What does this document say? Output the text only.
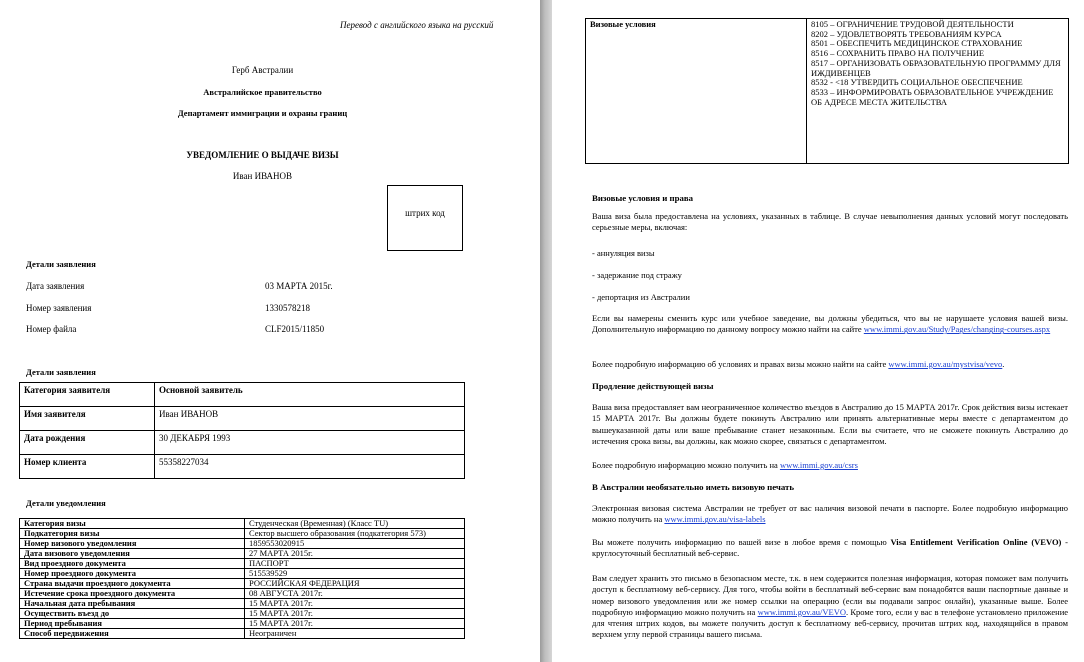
Перевод с английского языка на русский
Герб Австралии
Австралийское правительство
Департамент иммиграции и охраны границ
УВЕДОМЛЕНИЕ О ВЫДАЧЕ ВИЗЫ
Иван ИВАНОВ
штрих код
Детали заявления
Дата заявления	03 МАРТА 2015г.
Номер заявления	1330578218
Номер файла	CLF2015/11850
Детали заявления
Категория заявителя	Основной заявитель
Имя заявителя	Иван ИВАНОВ
Дата рождения	30 ДЕКАБРЯ 1993
Номер клиента	55358227034
Детали уведомления
Категория визы	Студенческая (Временная) (Класс TU)
Подкатегория визы	Сектор высшего образования (подкатегория 573)
Номер визового уведомления	1859553020915
Дата визового уведомления	27 МАРТА 2015г.
Вид проездного документа	ПАСПОРТ
Номер проездного документа	515539529
Страна выдачи проездного документа	РОССИЙСКАЯ ФЕДЕРАЦИЯ
Истечение срока проездного документа	08 АВГУСТА 2017г.
Начальная дата пребывания	15 МАРТА 2017г.
Осуществить въезд до	15 МАРТА 2017г.
Период пребывания	15 МАРТА 2017г.
Способ передвижения	Неограничен
Визовые условия	8105 – ОГРАНИЧЕНИЕ ТРУДОВОЙ ДЕЯТЕЛЬНОСТИ
8202 – УДОВЛЕТВОРЯТЬ ТРЕБОВАНИЯМ КУРСА
8501 – ОБЕСПЕЧИТЬ МЕДИЦИНСКОЕ СТРАХОВАНИЕ
8516 – СОХРАНИТЬ ПРАВО НА ПОЛУЧЕНИЕ
8517 – ОРГАНИЗОВАТЬ ОБРАЗОВАТЕЛЬНУЮ ПРОГРАММУ ДЛЯ ИЖДИВЕНЦЕВ
8532 - <18 УТВЕРДИТЬ СОЦИАЛЬНОЕ ОБЕСПЕЧЕНИЕ
8533 – ИНФОРМИРОВАТЬ ОБРАЗОВАТЕЛЬНОЕ УЧРЕЖДЕНИЕ ОБ АДРЕСЕ МЕСТА ЖИТЕЛЬСТВА
Визовые условия и права
Ваша виза была предоставлена на условиях, указанных в таблице. В случае невыполнения данных условий могут последовать серьезные меры, включая:
- аннуляция визы
- задержание под стражу
- депортация из Австралии
Если вы намерены сменить курс или учебное заведение, вы должны убедиться, что вы не нарушаете условия вашей визы. Дополнительную информацию по данному вопросу можно найти на сайте www.immi.gov.au/Study/Pages/changing-courses.aspx
Более подробную информацию об условиях и правах визы можно найти на сайте www.immi.gov.au/mystvisa/vevo.
Продление действующей визы
Ваша виза предоставляет вам неограниченное количество въездов в Австралию до 15 МАРТА 2017г. Срок действия визы истекает 15 МАРТА 2017г. Вы должны будете покинуть Австралию или принять альтернативные меры вместе с департаментом до вышеуказанной даты или ваше пребывание станет незаконным. Если вы считаете, что не сможете покинуть Австралию до истечения срока визы, вы должны, как можно скорее, связаться с департаментом.
Более подробную информацию можно получить на www.immi.gov.au/csrs
В Австралии необязательно иметь визовую печать
Электронная визовая система Австралии не требует от вас наличия визовой печати в паспорте. Более подробную информацию можно получить на www.immi.gov.au/visa-labels
Вы можете получить информацию по вашей визе в любое время с помощью Visa Entitlement Verification Online (VEVO) - круглосуточный бесплатный веб-сервис.
Вам следует хранить это письмо в безопасном месте, т.к. в нем содержится полезная информация, которая поможет вам получить доступ к бесплатному веб-сервису. Для того, чтобы войти в бесплатный веб-сервис вам понадобятся ваши паспортные данные и номер визового уведомления или же номер ссылки на операцию (если вы подавали запрос онлайн), указанные выше. Более подробную информацию можно получить на www.immi.gov.au/VEVO. Кроме того, если у вас в телефоне установлено приложение для чтения штрих кодов, вы можете получить доступ к бесплатному веб-сервису, прочитав штрих код, находящийся в правом верхнем углу первой страницы вашего письма.
